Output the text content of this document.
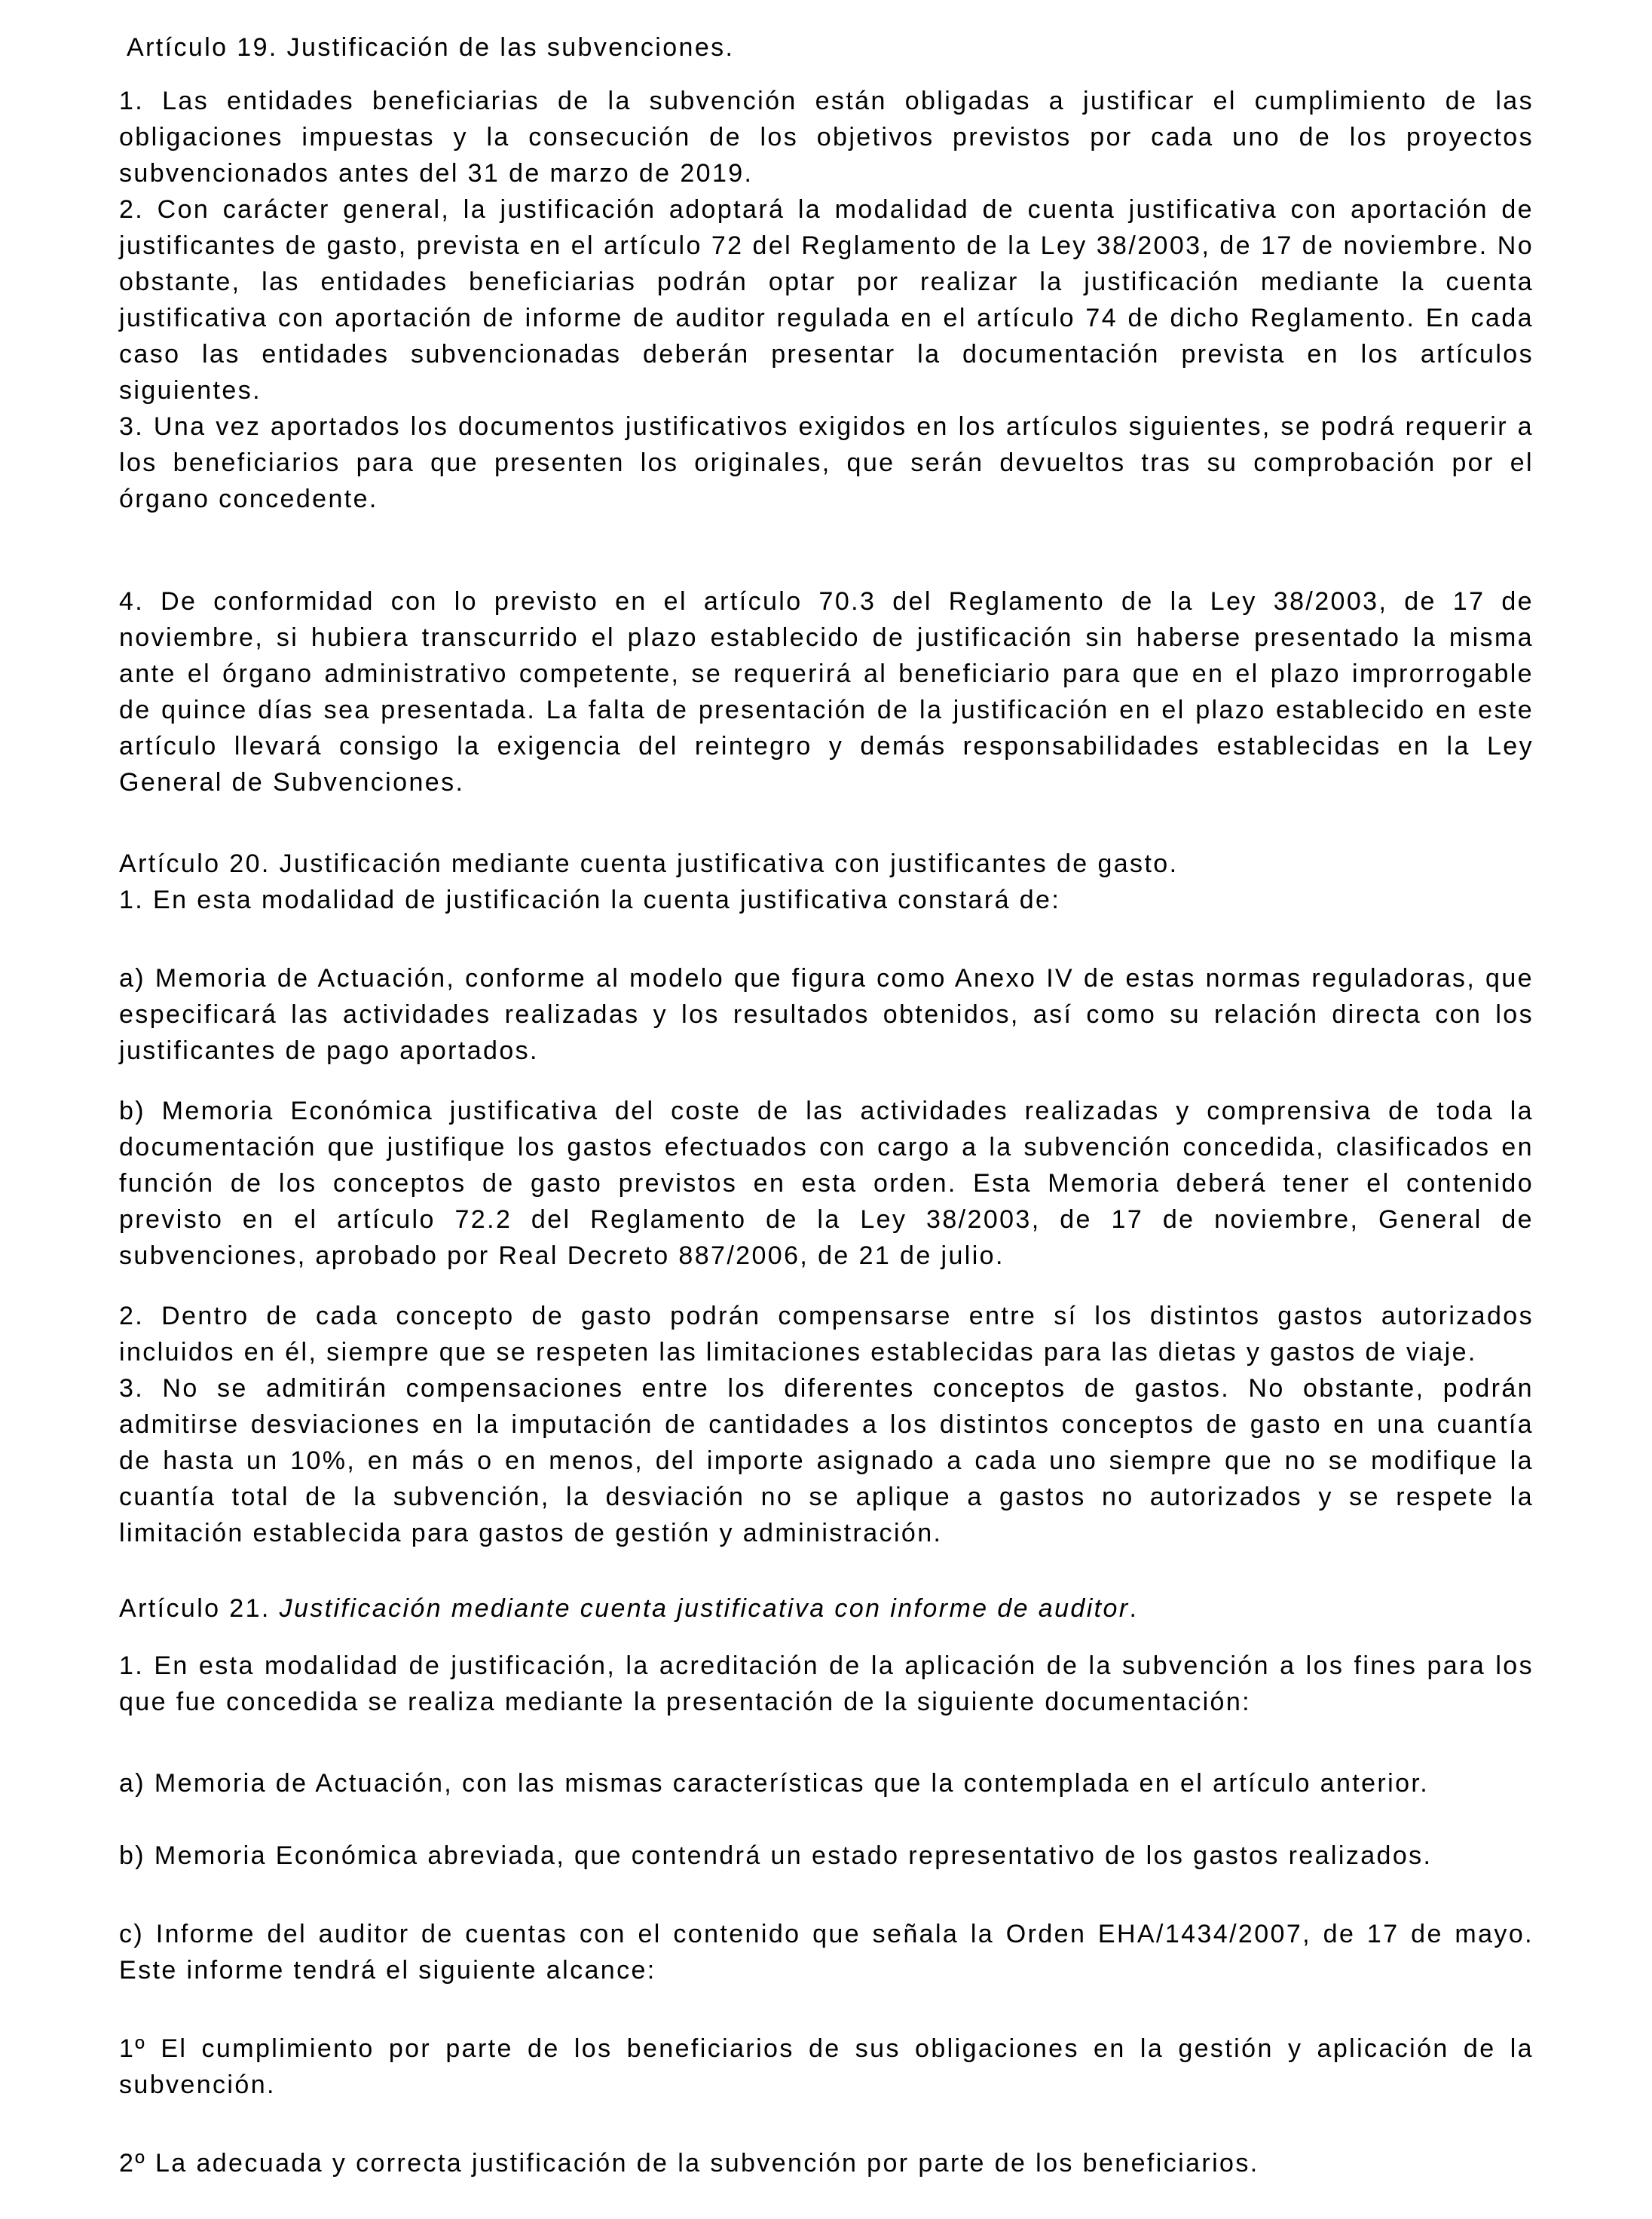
Artículo 19. Justificación de las subvenciones.

1. Las entidades beneficiarias de la subvención están obligadas a justificar el cumplimiento de las obligaciones impuestas y la consecución de los objetivos previstos por cada uno de los proyectos subvencionados antes del 31 de marzo de 2019.

2. Con carácter general, la justificación adoptará la modalidad de cuenta justificativa con aportación de justificantes de gasto, prevista en el artículo 72 del Reglamento de la Ley 38/2003, de 17 de noviembre. No obstante, las entidades beneficiarias podrán optar por realizar la justificación mediante la cuenta justificativa con aportación de informe de auditor regulada en el artículo 74 de dicho Reglamento. En cada caso las entidades subvencionadas deberán presentar la documentación prevista en los artículos siguientes.

3. Una vez aportados los documentos justificativos exigidos en los artículos siguientes, se podrá requerir a los beneficiarios para que presenten los originales, que serán devueltos tras su comprobación por el órgano concedente.

4. De conformidad con lo previsto en el artículo 70.3 del Reglamento de la Ley 38/2003, de 17 de noviembre, si hubiera transcurrido el plazo establecido de justificación sin haberse presentado la misma ante el órgano administrativo competente, se requerirá al beneficiario para que en el plazo improrrogable de quince días sea presentada. La falta de presentación de la justificación en el plazo establecido en este artículo llevará consigo la exigencia del reintegro y demás responsabilidades establecidas en la Ley General de Subvenciones.

Artículo 20. Justificación mediante cuenta justificativa con justificantes de gasto.

1. En esta modalidad de justificación la cuenta justificativa constará de:

a) Memoria de Actuación, conforme al modelo que figura como Anexo IV de estas normas reguladoras, que especificará las actividades realizadas y los resultados obtenidos, así como su relación directa con los justificantes de pago aportados.

b) Memoria Económica justificativa del coste de las actividades realizadas y comprensiva de toda la documentación que justifique los gastos efectuados con cargo a la subvención concedida, clasificados en función de los conceptos de gasto previstos en esta orden. Esta Memoria deberá tener el contenido previsto en el artículo 72.2 del Reglamento de la Ley 38/2003, de 17 de noviembre, General de subvenciones, aprobado por Real Decreto 887/2006, de 21 de julio.

2. Dentro de cada concepto de gasto podrán compensarse entre sí los distintos gastos autorizados incluidos en él, siempre que se respeten las limitaciones establecidas para las dietas y gastos de viaje.

3. No se admitirán compensaciones entre los diferentes conceptos de gastos. No obstante, podrán admitirse desviaciones en la imputación de cantidades a los distintos conceptos de gasto en una cuantía de hasta un 10%, en más o en menos, del importe asignado a cada uno siempre que no se modifique la cuantía total de la subvención, la desviación no se aplique a gastos no autorizados y se respete la limitación establecida para gastos de gestión y administración.

Artículo 21. Justificación mediante cuenta justificativa con informe de auditor.

1. En esta modalidad de justificación, la acreditación de la aplicación de la subvención a los fines para los que fue concedida se realiza mediante la presentación de la siguiente documentación:

a) Memoria de Actuación, con las mismas características que la contemplada en el artículo anterior.

b) Memoria Económica abreviada, que contendrá un estado representativo de los gastos realizados.

c) Informe del auditor de cuentas con el contenido que señala la Orden EHA/1434/2007, de 17 de mayo. Este informe tendrá el siguiente alcance:

1º El cumplimiento por parte de los beneficiarios de sus obligaciones en la gestión y aplicación de la subvención.

2º La adecuada y correcta justificación de la subvención por parte de los beneficiarios.
